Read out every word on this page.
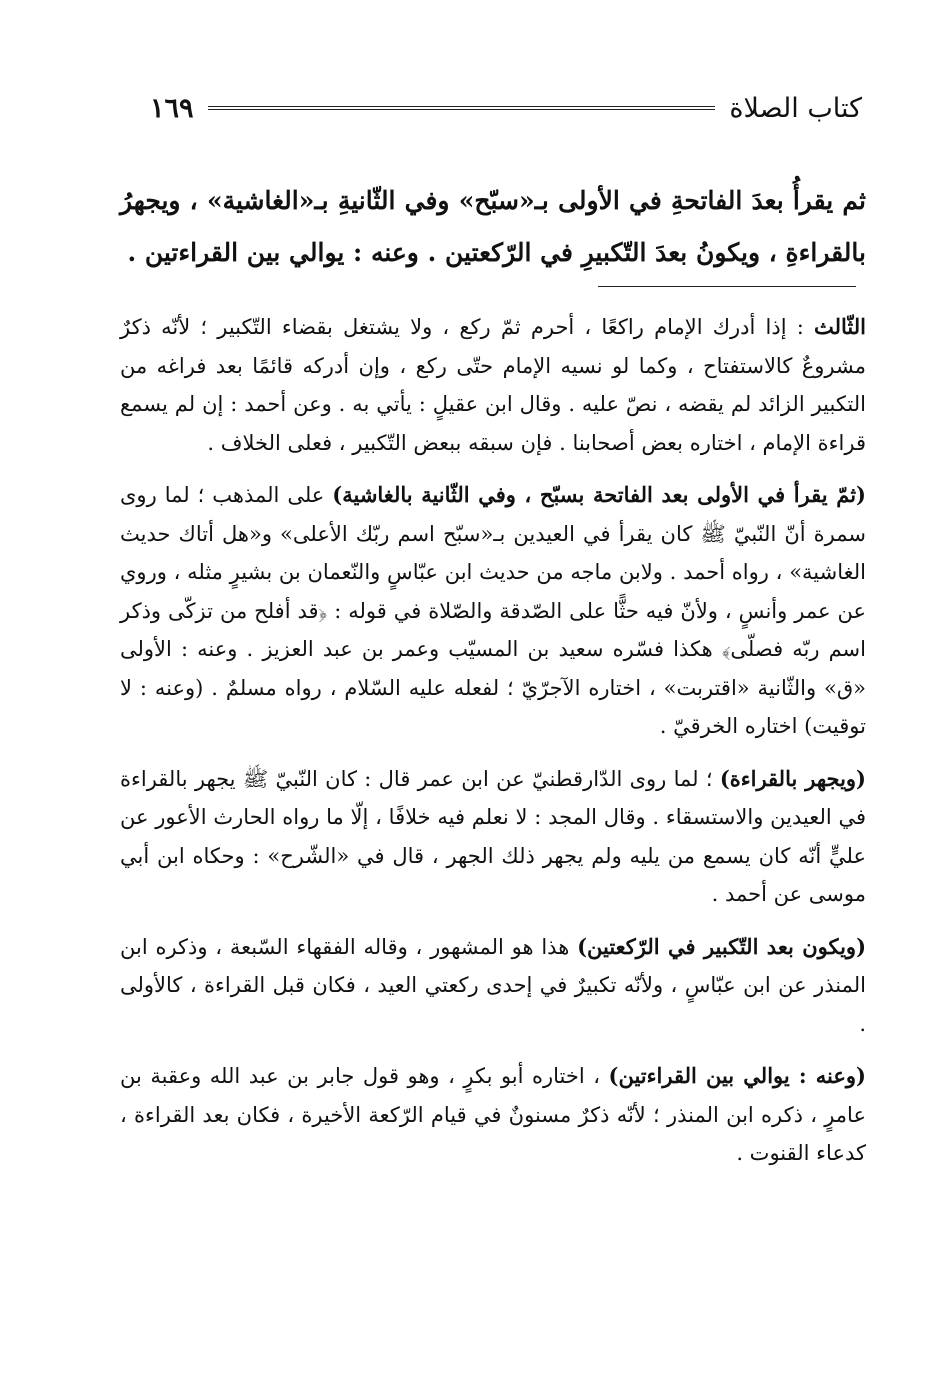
كتاب الصلاة
١٦٩

ثم يقرأُ بعدَ الفاتحةِ في الأولى بـ«سبّح» وفي الثّانيةِ بـ«الغاشية» ، ويجهرُ بالقراءةِ ، ويكونُ بعدَ التّكبيرِ في الرّكعتين . وعنه : يوالي بين القراءتين .

الثّالث : إذا أدرك الإمام راكعًا ، أحرم ثمّ ركع ، ولا يشتغل بقضاء التّكبير ؛ لأنّه ذكرٌ مشروعٌ كالاستفتاح ، وكما لو نسيه الإمام حتّى ركع ، وإن أدركه قائمًا بعد فراغه من التكبير الزائد لم يقضه ، نصّ عليه . وقال ابن عقيلٍ : يأتي به . وعن أحمد : إن لم يسمع قراءة الإمام ، اختاره بعض أصحابنا . فإن سبقه ببعض التّكبير ، فعلى الخلاف .

(ثمّ يقرأ في الأولى بعد الفاتحة بسبّح ، وفي الثّانية بالغاشية) على المذهب ؛ لما روى سمرة أنّ النّبيّ ﷺ كان يقرأ في العيدين بـ«سبّح اسم ربّك الأعلى» و«هل أتاك حديث الغاشية» ، رواه أحمد . ولابن ماجه من حديث ابن عبّاسٍ والنّعمان بن بشيرٍ مثله ، وروي عن عمر وأنسٍ ، ولأنّ فيه حثًّا على الصّدقة والصّلاة في قوله : ﴿قد أفلح من تزكّى وذكر اسم ربّه فصلّى﴾ هكذا فسّره سعيد بن المسيّب وعمر بن عبد العزيز . وعنه : الأولى «ق» والثّانية «اقتربت» ، اختاره الآجرّيّ ؛ لفعله عليه السّلام ، رواه مسلمٌ . (وعنه : لا توقيت) اختاره الخرقيّ .

(ويجهر بالقراءة) ؛ لما روى الدّارقطنيّ عن ابن عمر قال : كان النّبيّ ﷺ يجهر بالقراءة في العيدين والاستسقاء . وقال المجد : لا نعلم فيه خلافًا ، إلّا ما رواه الحارث الأعور عن عليٍّ أنّه كان يسمع من يليه ولم يجهر ذلك الجهر ، قال في «الشّرح» : وحكاه ابن أبي موسى عن أحمد .

(ويكون بعد التّكبير في الرّكعتين) هذا هو المشهور ، وقاله الفقهاء السّبعة ، وذكره ابن المنذر عن ابن عبّاسٍ ، ولأنّه تكبيرٌ في إحدى ركعتي العيد ، فكان قبل القراءة ، كالأولى .

(وعنه : يوالي بين القراءتين) ، اختاره أبو بكرٍ ، وهو قول جابر بن عبد الله وعقبة بن عامرٍ ، ذكره ابن المنذر ؛ لأنّه ذكرٌ مسنونٌ في قيام الرّكعة الأخيرة ، فكان بعد القراءة ، كدعاء القنوت .
